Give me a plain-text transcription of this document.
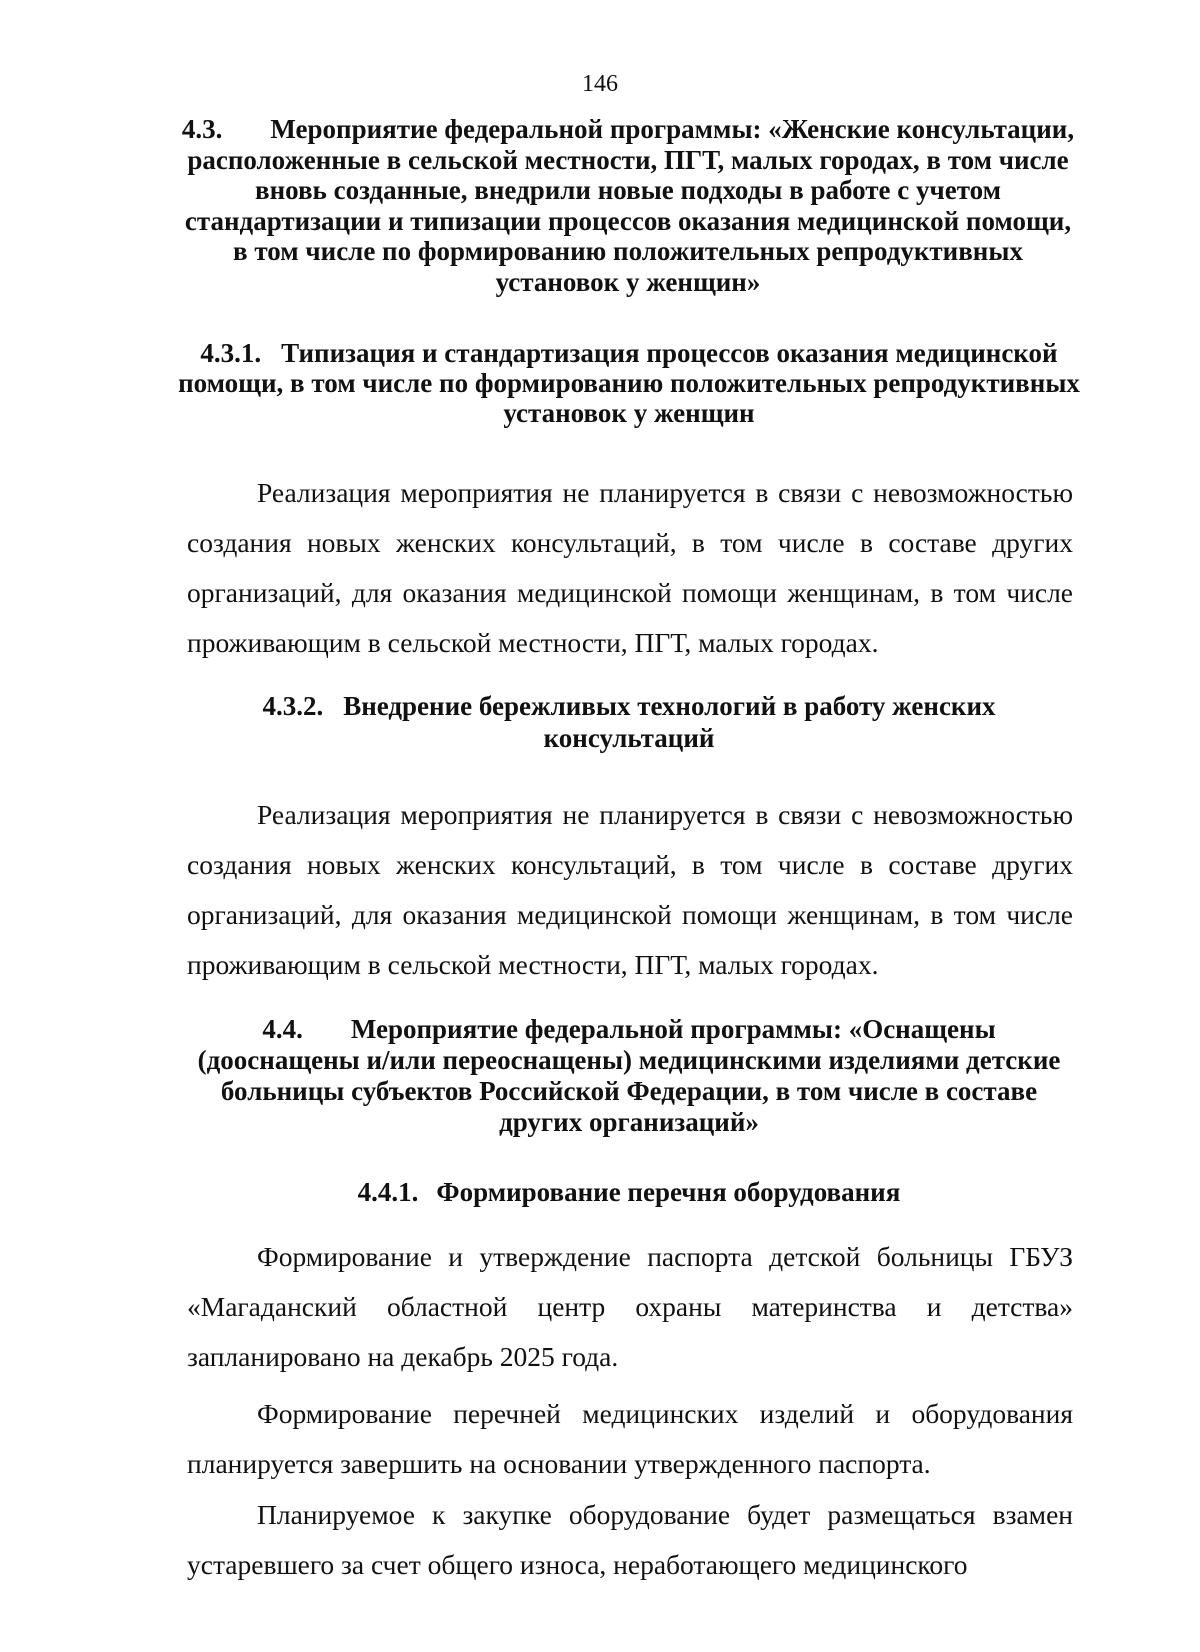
146
4.3. Мероприятие федеральной программы: «Женские консультации, расположенные в сельской местности, ПГТ, малых городах, в том числе вновь созданные, внедрили новые подходы в работе с учетом стандартизации и типизации процессов оказания медицинской помощи, в том числе по формированию положительных репродуктивных установок у женщин»
4.3.1. Типизация и стандартизация процессов оказания медицинской помощи, в том числе по формированию положительных репродуктивных установок у женщин

Реализация мероприятия не планируется в связи с невозможностью создания новых женских консультаций, в том числе в составе других организаций, для оказания медицинской помощи женщинам, в том числе проживающим в сельской местности, ПГТ, малых городах.

4.3.2. Внедрение бережливых технологий в работу женских консультаций

Реализация мероприятия не планируется в связи с невозможностью создания новых женских консультаций, в том числе в составе других организаций, для оказания медицинской помощи женщинам, в том числе проживающим в сельской местности, ПГТ, малых городах.

4.4. Мероприятие федеральной программы: «Оснащены (дооснащены и/или переоснащены) медицинскими изделиями детские больницы субъектов Российской Федерации, в том числе в составе других организаций»
4.4.1. Формирование перечня оборудования

Формирование и утверждение паспорта детской больницы ГБУЗ «Магаданский областной центр охраны материнства и детства» запланировано на декабрь 2025 года.

Формирование перечней медицинских изделий и оборудования планируется завершить на основании утвержденного паспорта.

Планируемое к закупке оборудование будет размещаться взамен устаревшего за счет общего износа, неработающего медицинского
